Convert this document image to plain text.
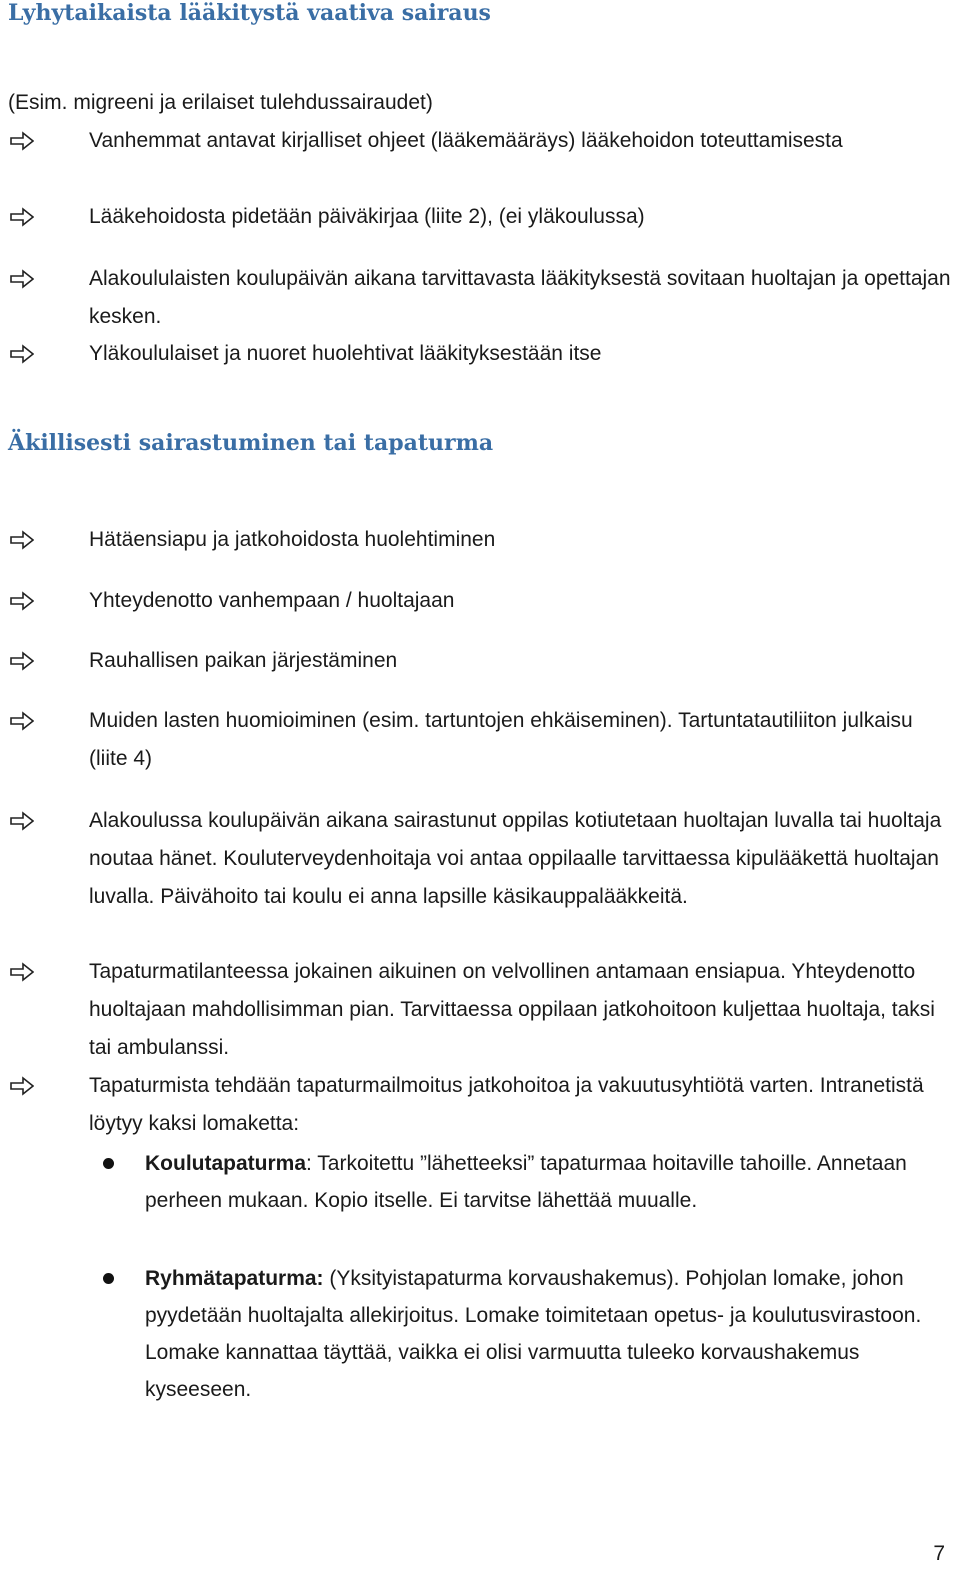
Lyhytaikaista lääkitystä vaativa sairaus

(Esim. migreeni ja erilaiset tulehdussairaudet)

Vanhemmat antavat kirjalliset ohjeet (lääkemääräys) lääkehoidon toteuttamisesta
Lääkehoidosta pidetään päiväkirjaa (liite 2), (ei yläkoulussa)
Alakoululaisten koulupäivän aikana tarvittavasta lääkityksestä sovitaan huoltajan ja opettajan kesken.
Yläkoululaiset ja nuoret huolehtivat lääkityksestään itse
Äkillisesti sairastuminen tai tapaturma
Hätäensiapu ja jatkohoidosta huolehtiminen
Yhteydenotto vanhempaan / huoltajaan
Rauhallisen paikan järjestäminen
Muiden lasten huomioiminen (esim. tartuntojen ehkäiseminen). Tartuntatautiliiton julkaisu (liite 4)
Alakoulussa koulupäivän aikana sairastunut oppilas kotiutetaan huoltajan luvalla tai huoltaja noutaa hänet. Kouluterveydenhoitaja voi antaa oppilaalle tarvittaessa kipulääkettä huoltajan luvalla. Päivähoito tai koulu ei anna lapsille käsikauppalääkkeitä.
Tapaturmatilanteessa jokainen aikuinen on velvollinen antamaan ensiapua. Yhteydenotto huoltajaan mahdollisimman pian. Tarvittaessa oppilaan jatkohoitoon kuljettaa huoltaja, taksi tai ambulanssi.
Tapaturmista tehdään tapaturmailmoitus jatkohoitoa ja vakuutusyhtiötä varten. Intranetistä löytyy kaksi lomaketta:
Koulutapaturma: Tarkoitettu ”lähetteeksi” tapaturmaa hoitaville tahoille. Annetaan perheen mukaan. Kopio itselle. Ei tarvitse lähettää muualle.
Ryhmätapaturma: (Yksityistapaturma korvaushakemus). Pohjolan lomake, johon pyydetään huoltajalta allekirjoitus. Lomake toimitetaan opetus- ja koulutusvirastoon. Lomake kannattaa täyttää, vaikka ei olisi varmuutta tuleeko korvaushakemus kyseeseen.
7
